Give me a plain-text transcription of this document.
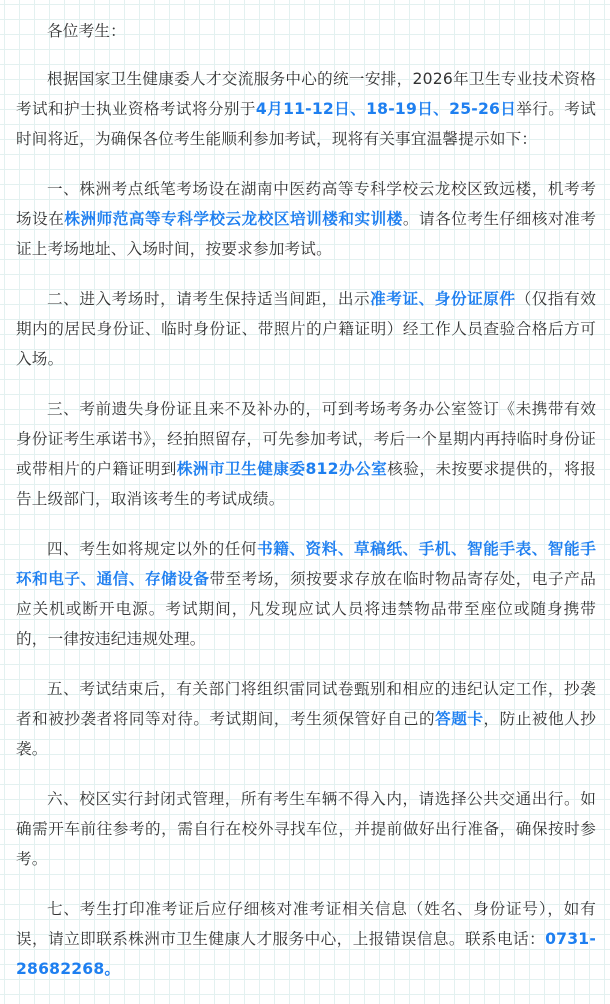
各位考生：

根据国家卫生健康委人才交流服务中心的统一安排，2026年卫生专业技术资格考试和护士执业资格考试将分别于4月11-12日、18-19日、25-26日举行。考试时间将近，为确保各位考生能顺利参加考试，现将有关事宜温馨提示如下：

一、株洲考点纸笔考场设在湖南中医药高等专科学校云龙校区致远楼，机考考场设在株洲师范高等专科学校云龙校区培训楼和实训楼。请各位考生仔细核对准考证上考场地址、入场时间，按要求参加考试。

二、进入考场时，请考生保持适当间距，出示准考证、身份证原件（仅指有效期内的居民身份证、临时身份证、带照片的户籍证明）经工作人员查验合格后方可入场。

三、考前遗失身份证且来不及补办的，可到考场考务办公室签订《未携带有效身份证考生承诺书》，经拍照留存，可先参加考试，考后一个星期内再持临时身份证或带相片的户籍证明到株洲市卫生健康委812办公室核验，未按要求提供的，将报告上级部门，取消该考生的考试成绩。

四、考生如将规定以外的任何书籍、资料、草稿纸、手机、智能手表、智能手环和电子、通信、存储设备带至考场，须按要求存放在临时物品寄存处，电子产品应关机或断开电源。考试期间，凡发现应试人员将违禁物品带至座位或随身携带的，一律按违纪违规处理。

五、考试结束后，有关部门将组织雷同试卷甄别和相应的违纪认定工作，抄袭者和被抄袭者将同等对待。考试期间，考生须保管好自己的答题卡，防止被他人抄袭。

六、校区实行封闭式管理，所有考生车辆不得入内，请选择公共交通出行。如确需开车前往参考的，需自行在校外寻找车位，并提前做好出行准备，确保按时参考。

七、考生打印准考证后应仔细核对准考证相关信息（姓名、身份证号），如有误，请立即联系株洲市卫生健康人才服务中心，上报错误信息。联系电话：0731-28682268。
